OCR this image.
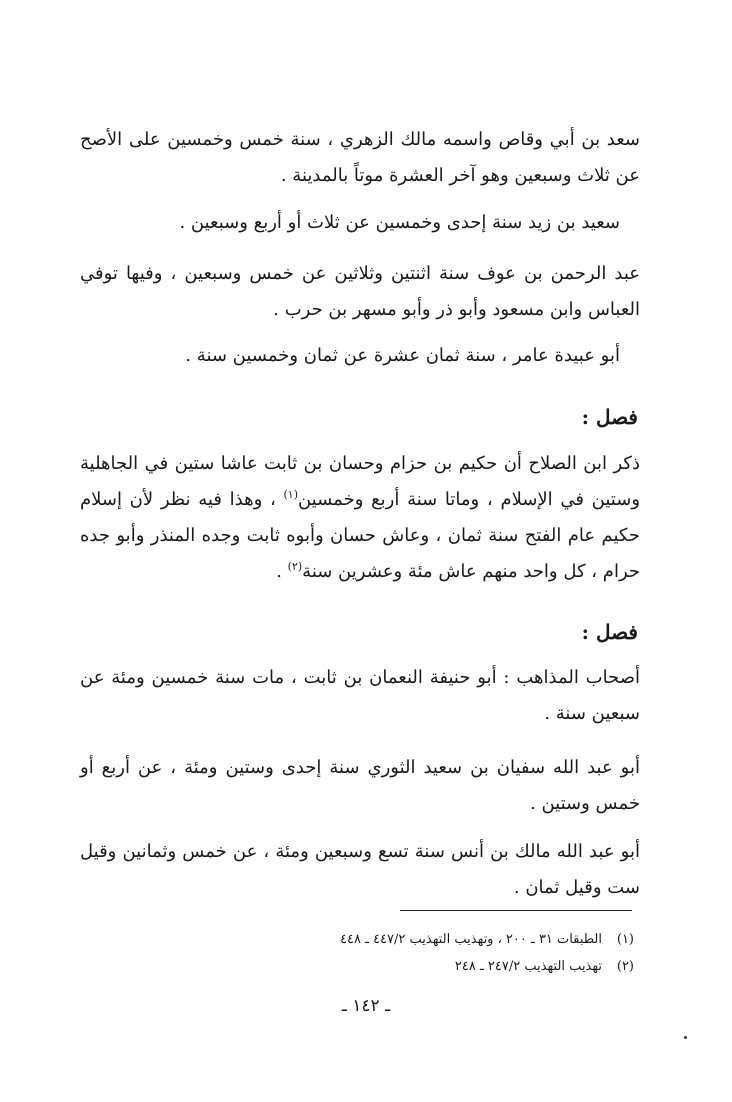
سعد بن أبي وقاص واسمه مالك الزهري ، سنة خمس وخمسين على الأصح عن ثلاث وسبعين وهو آخر العشرة موتاً بالمدينة .
سعيد بن زيد سنة إحدى وخمسين عن ثلاث أو أربع وسبعين .
عبد الرحمن بن عوف سنة اثنتين وثلاثين عن خمس وسبعين ، وفيها توفي العباس وابن مسعود وأبو ذر وأبو مسهر بن حرب .
أبو عبيدة عامر ، سنة ثمان عشرة عن ثمان وخمسين سنة .
فصل :
ذكر ابن الصلاح أن حكيم بن حزام وحسان بن ثابت عاشا ستين في الجاهلية وستين في الإسلام ، وماتا سنة أربع وخمسين$^{(١)}$ ، وهذا فيه نظر لأن إسلام حكيم عام الفتح سنة ثمان ، وعاش حسان وأبوه ثابت وجده المنذر وأبو جده حرام ، كل واحد منهم عاش مئة وعشرين سنة$^{(٢)}$ .
فصل :
أصحاب المذاهب : أبو حنيفة النعمان بن ثابت ، مات سنة خمسين ومئة عن سبعين سنة .
أبو عبد الله سفيان بن سعيد الثوري سنة إحدى وستين ومئة ، عن أربع أو خمس وستين .
أبو عبد الله مالك بن أنس سنة تسع وسبعين ومئة ، عن خمس وثمانين وقيل ست وقيل ثمان .
(١)الطبقات ٣١ ـ ٢٠٠ ، وتهذيب التهذيب ٤٤٧/٢ ـ ٤٤٨
(٢)تهذيب التهذيب ٢٤٧/٢ ـ ٢٤٨
ـ ١٤٢ ـ
